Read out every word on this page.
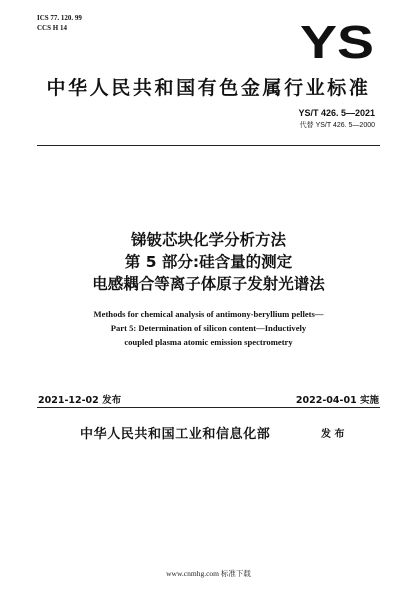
ICS 77. 120. 99
CCS H 14	YS
中华人民共和国有色金属行业标准
YS/T 426. 5—2021
代替 YS/T 426. 5—2000
锑铍芯块化学分析方法
第 5 部分:硅含量的测定
电感耦合等离子体原子发射光谱法
Methods for chemical analysis of antimony-beryllium pellets—
Part 5: Determination of silicon content—Inductively
coupled plasma atomic emission spectrometry
2021-12-02 发布	2022-04-01 实施
中华人民共和国工业和信息化部	发 布
www.cnmhg.com 标准下载
